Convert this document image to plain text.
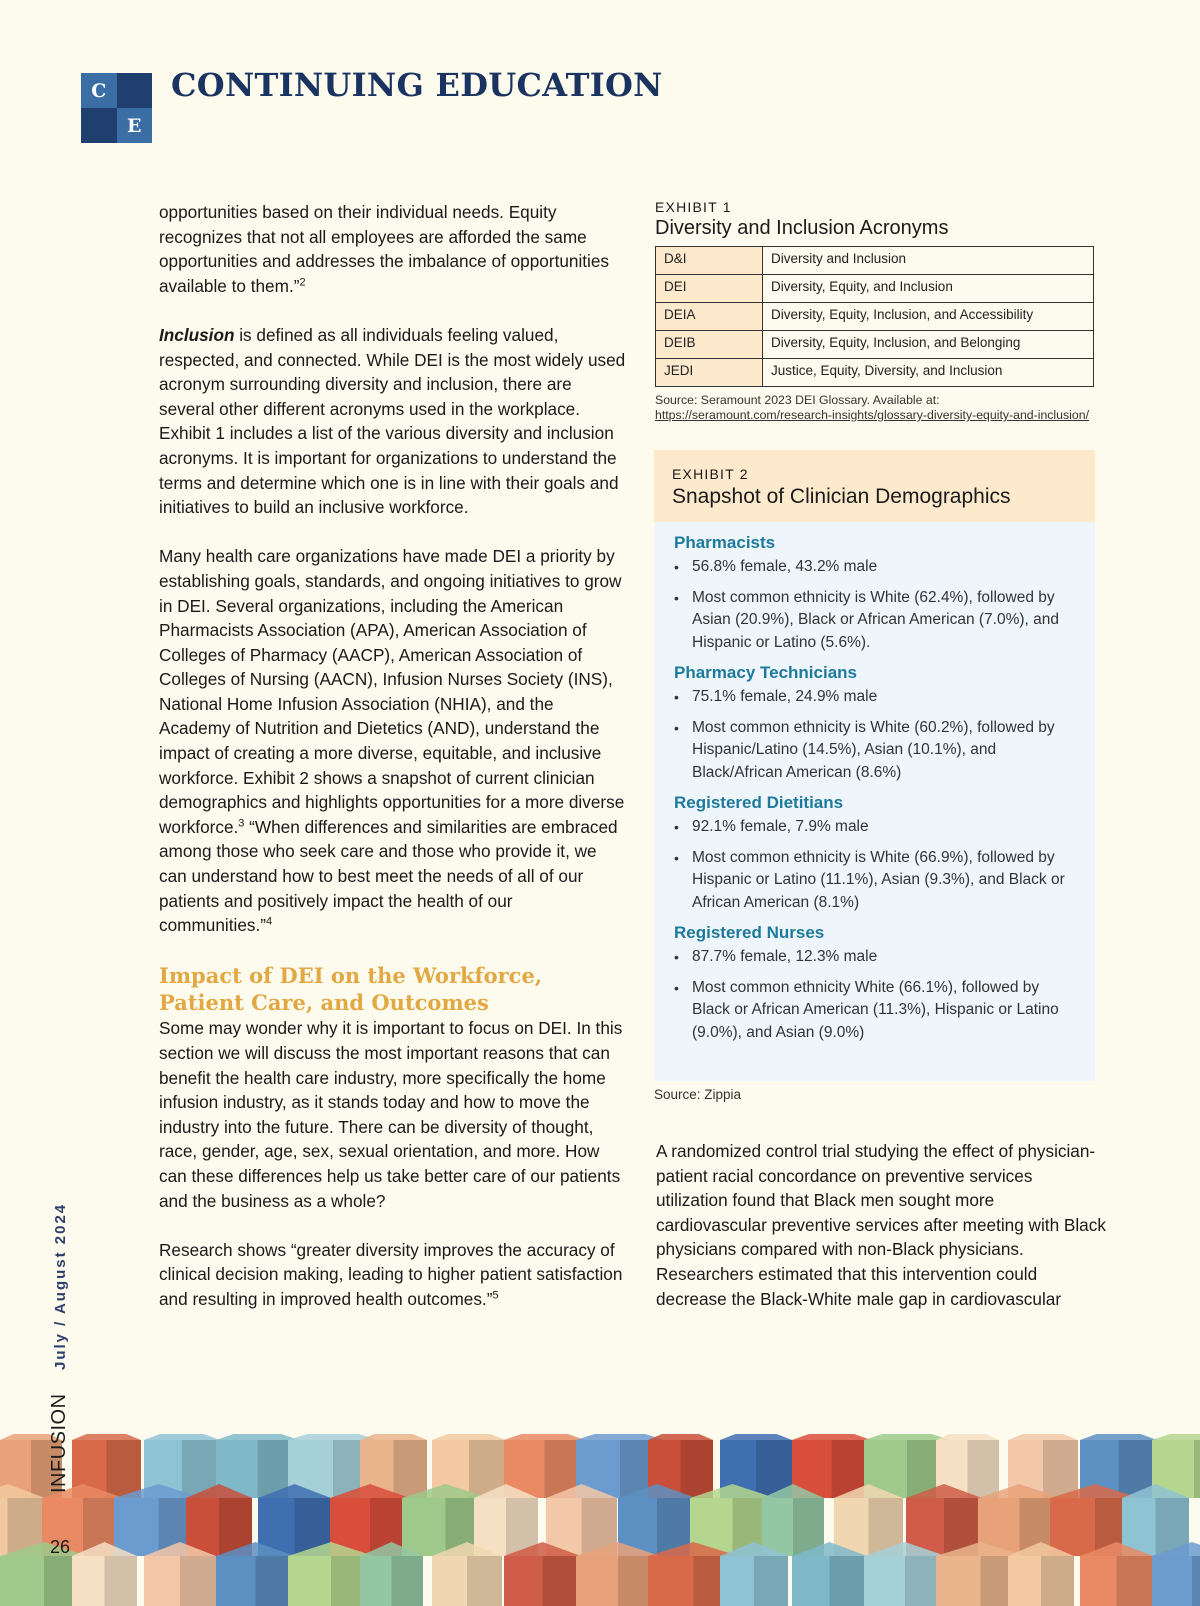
C
E
CONTINUING EDUCATION

opportunities based on their individual needs. Equity recognizes that not all employees are afforded the same opportunities and addresses the imbalance of opportunities available to them.”$^2$

Inclusion is defined as all individuals feeling valued, respected, and connected. While DEI is the most widely used acronym surrounding diversity and inclusion, there are several other different acronyms used in the workplace. Exhibit 1 includes a list of the various diversity and inclusion acronyms. It is important for organizations to understand the terms and determine which one is in line with their goals and initiatives to build an inclusive workforce.

Many health care organizations have made DEI a priority by establishing goals, standards, and ongoing initiatives to grow in DEI. Several organizations, including the American Pharmacists Association (APA), American Association of Colleges of Pharmacy (AACP), American Association of Colleges of Nursing (AACN), Infusion Nurses Society (INS), National Home Infusion Association (NHIA), and the Academy of Nutrition and Dietetics (AND), understand the impact of creating a more diverse, equitable, and inclusive workforce. Exhibit 2 shows a snapshot of current clinician demographics and highlights opportunities for a more diverse workforce.$^3$ “When differences and similarities are embraced among those who seek care and those who provide it, we can understand how to best meet the needs of all of our patients and positively impact the health of our communities.”$^4$

Impact of DEI on the Workforce,
Patient Care, and Outcomes

Some may wonder why it is important to focus on DEI. In this section we will discuss the most important reasons that can benefit the health care industry, more specifically the home infusion industry, as it stands today and how to move the industry into the future. There can be diversity of thought, race, gender, age, sex, sexual orientation, and more. How can these differences help us take better care of our patients and the business as a whole?

Research shows “greater diversity improves the accuracy of clinical decision making, leading to higher patient satisfaction and resulting in improved health outcomes.”$^5$

EXHIBIT 1
Diversity and Inclusion Acronyms
D&I	Diversity and Inclusion
DEI	Diversity, Equity, and Inclusion
DEIA	Diversity, Equity, Inclusion, and Accessibility
DEIB	Diversity, Equity, Inclusion, and Belonging
JEDI	Justice, Equity, Diversity, and Inclusion
Source: Seramount 2023 DEI Glossary. Available at: https://seramount.com/research-insights/glossary-diversity-equity-and-inclusion/
EXHIBIT 2
Snapshot of Clinician Demographics
Pharmacists
• 56.8% female, 43.2% male
• Most common ethnicity is White (62.4%), followed by Asian (20.9%), Black or African American (7.0%), and Hispanic or Latino (5.6%).
Pharmacy Technicians
• 75.1% female, 24.9% male
• Most common ethnicity is White (60.2%), followed by Hispanic/Latino (14.5%), Asian (10.1%), and Black/African American (8.6%)
Registered Dietitians
• 92.1% female, 7.9% male
• Most common ethnicity is White (66.9%), followed by Hispanic or Latino (11.1%), Asian (9.3%), and Black or African American (8.1%)
Registered Nurses
• 87.7% female, 12.3% male
• Most common ethnicity White (66.1%), followed by Black or African American (11.3%), Hispanic or Latino (9.0%), and Asian (9.0%)
Source: Zippia
A randomized control trial studying the effect of physician-patient racial concordance on preventive services utilization found that Black men sought more cardiovascular preventive services after meeting with Black physicians compared with non-Black physicians. Researchers estimated that this intervention could decrease the Black-White male gap in cardiovascular
July / August 2024
INFUSION
26
